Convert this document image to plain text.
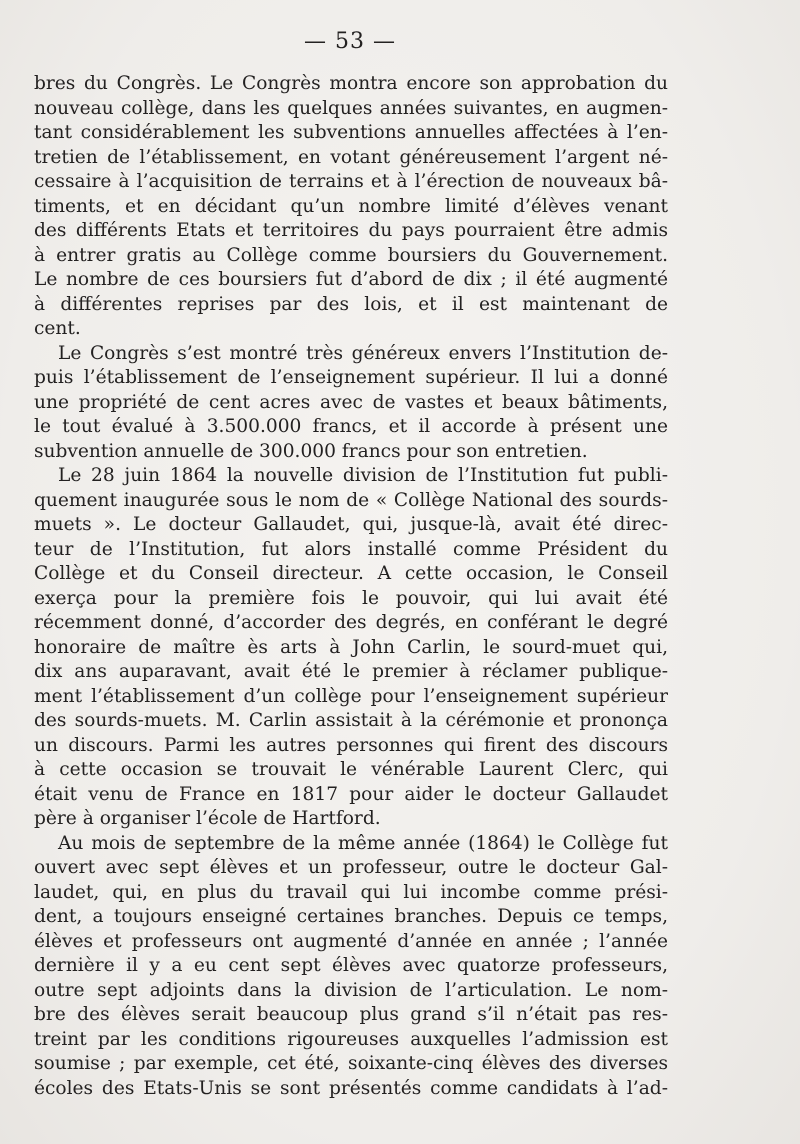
— 53 —
bres du Congrès. Le Congrès montra encore son approbation du
nouveau collège, dans les quelques années suivantes, en augmen-
tant considérablement les subventions annuelles affectées à l’en-
tretien de l’établissement, en votant généreusement l’argent né-
cessaire à l’acquisition de terrains et à l’érection de nouveaux bâ-
timents, et en décidant qu’un nombre limité d’élèves venant
des différents Etats et territoires du pays pourraient être admis
à entrer gratis au Collège comme boursiers du Gouvernement.
Le nombre de ces boursiers fut d’abord de dix ; il été augmenté
à différentes reprises par des lois, et il est maintenant de
cent.
Le Congrès s’est montré très généreux envers l’Institution de-
puis l’établissement de l’enseignement supérieur. Il lui a donné
une propriété de cent acres avec de vastes et beaux bâtiments,
le tout évalué à 3.500.000 francs, et il accorde à présent une
subvention annuelle de 300.000 francs pour son entretien.
Le 28 juin 1864 la nouvelle division de l’Institution fut publi-
quement inaugurée sous le nom de « Collège National des sourds-
muets ». Le docteur Gallaudet, qui, jusque-là, avait été direc-
teur de l’Institution, fut alors installé comme Président du
Collège et du Conseil directeur. A cette occasion, le Conseil
exerça pour la première fois le pouvoir, qui lui avait été
récemment donné, d’accorder des degrés, en conférant le degré
honoraire de maître ès arts à John Carlin, le sourd-muet qui,
dix ans auparavant, avait été le premier à réclamer publique-
ment l’établissement d’un collège pour l’enseignement supérieur
des sourds-muets. M. Carlin assistait à la cérémonie et prononça
un discours. Parmi les autres personnes qui firent des discours
à cette occasion se trouvait le vénérable Laurent Clerc, qui
était venu de France en 1817 pour aider le docteur Gallaudet
père à organiser l’école de Hartford.
Au mois de septembre de la même année (1864) le Collège fut
ouvert avec sept élèves et un professeur, outre le docteur Gal-
laudet, qui, en plus du travail qui lui incombe comme prési-
dent, a toujours enseigné certaines branches. Depuis ce temps,
élèves et professeurs ont augmenté d’année en année ; l’année
dernière il y a eu cent sept élèves avec quatorze professeurs,
outre sept adjoints dans la division de l’articulation. Le nom-
bre des élèves serait beaucoup plus grand s’il n’était pas res-
treint par les conditions rigoureuses auxquelles l’admission est
soumise ; par exemple, cet été, soixante-cinq élèves des diverses
écoles des Etats-Unis se sont présentés comme candidats à l’ad-
